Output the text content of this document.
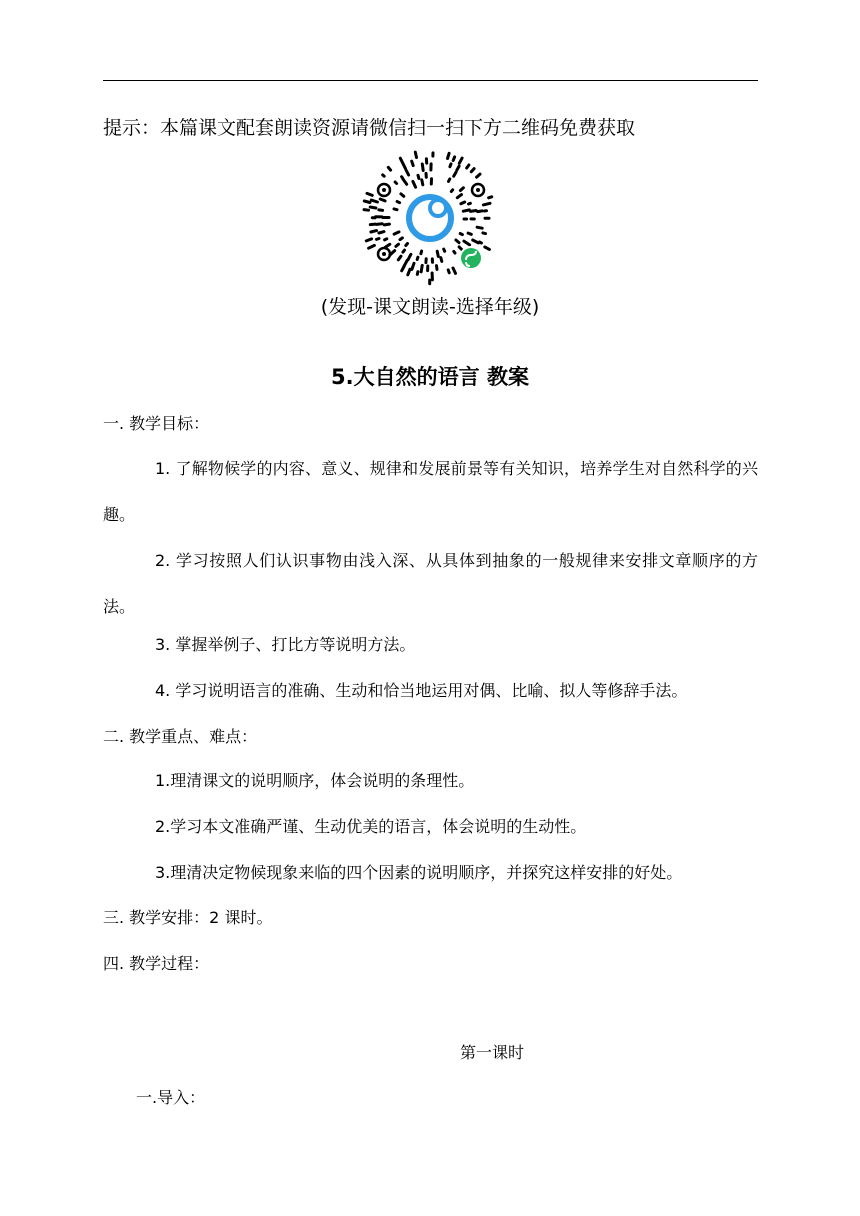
提示：本篇课文配套朗读资源请微信扫一扫下方二维码免费获取
(发现-课文朗读-选择年级)
5.大自然的语言 教案
一. 教学目标：

1. 了解物候学的内容、意义、规律和发展前景等有关知识，培养学生对自然科学的兴趣。

2. 学习按照人们认识事物由浅入深、从具体到抽象的一般规律来安排文章顺序的方法。

3. 掌握举例子、打比方等说明方法。

4. 学习说明语言的准确、生动和恰当地运用对偶、比喻、拟人等修辞手法。

二. 教学重点、难点：

1.理清课文的说明顺序，体会说明的条理性。

2.学习本文准确严谨、生动优美的语言，体会说明的生动性。

3.理清决定物候现象来临的四个因素的说明顺序，并探究这样安排的好处。

三. 教学安排：2 课时。
四. 教学过程：
第一课时
一.导入：
